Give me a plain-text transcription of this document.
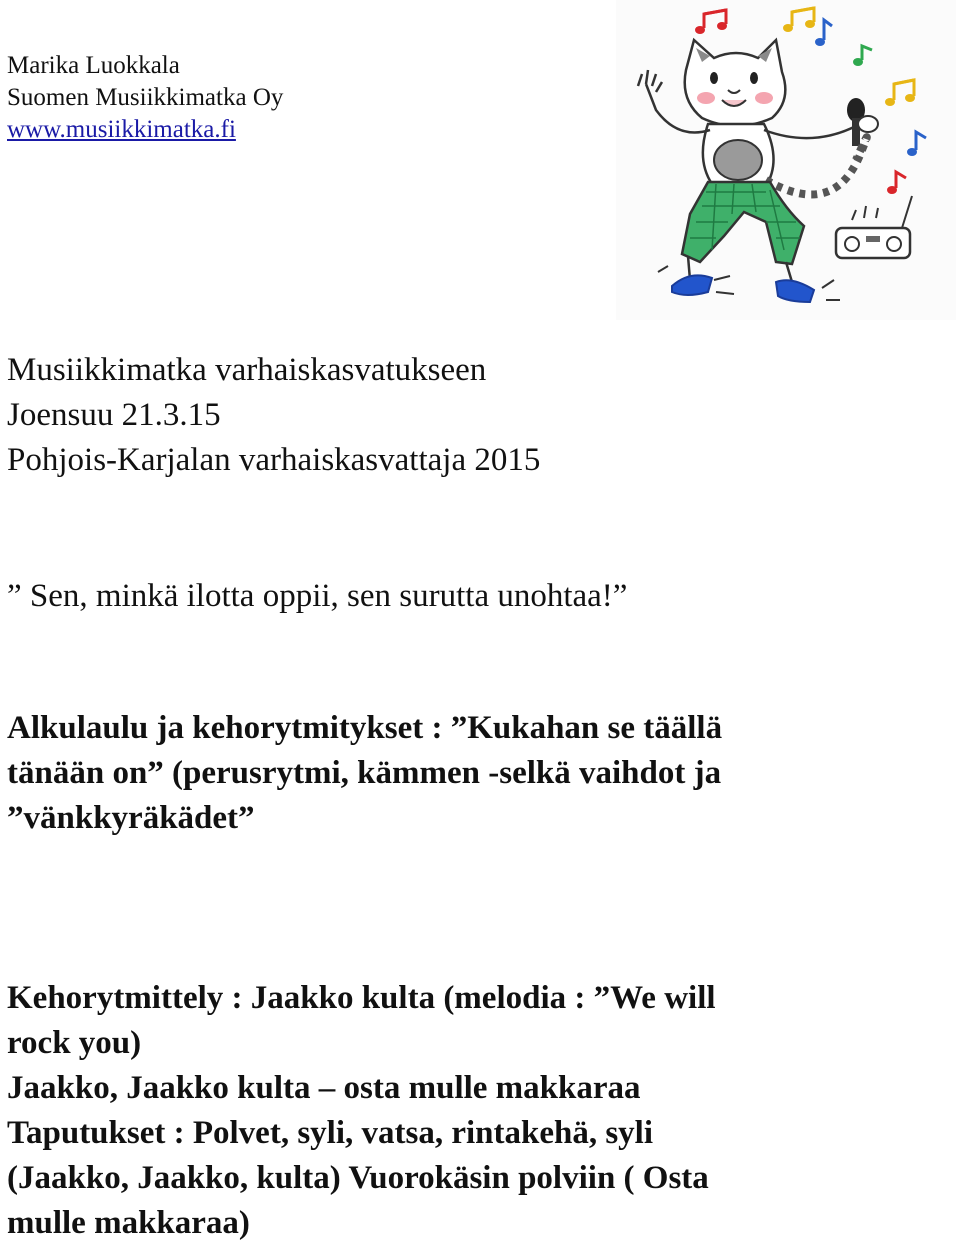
Marika Luokkala
Suomen Musiikkimatka Oy
www.musiikkimatka.fi
Musiikkimatka varhaiskasvatukseen
Joensuu 21.3.15
Pohjois-Karjalan varhaiskasvattaja 2015
” Sen, minkä ilotta oppii, sen surutta unohtaa!”
Alkulaulu ja kehorytmitykset : ”Kukahan se täällä
tänään on” (perusrytmi, kämmen -selkä vaihdot ja
”vänkkyräkädet”
Kehorytmittely : Jaakko kulta (melodia : ”We will
rock you)
Jaakko, Jaakko kulta – osta mulle makkaraa
Taputukset : Polvet, syli, vatsa, rintakehä, syli
(Jaakko, Jaakko, kulta) Vuorokäsin polviin ( Osta
mulle makkaraa)
